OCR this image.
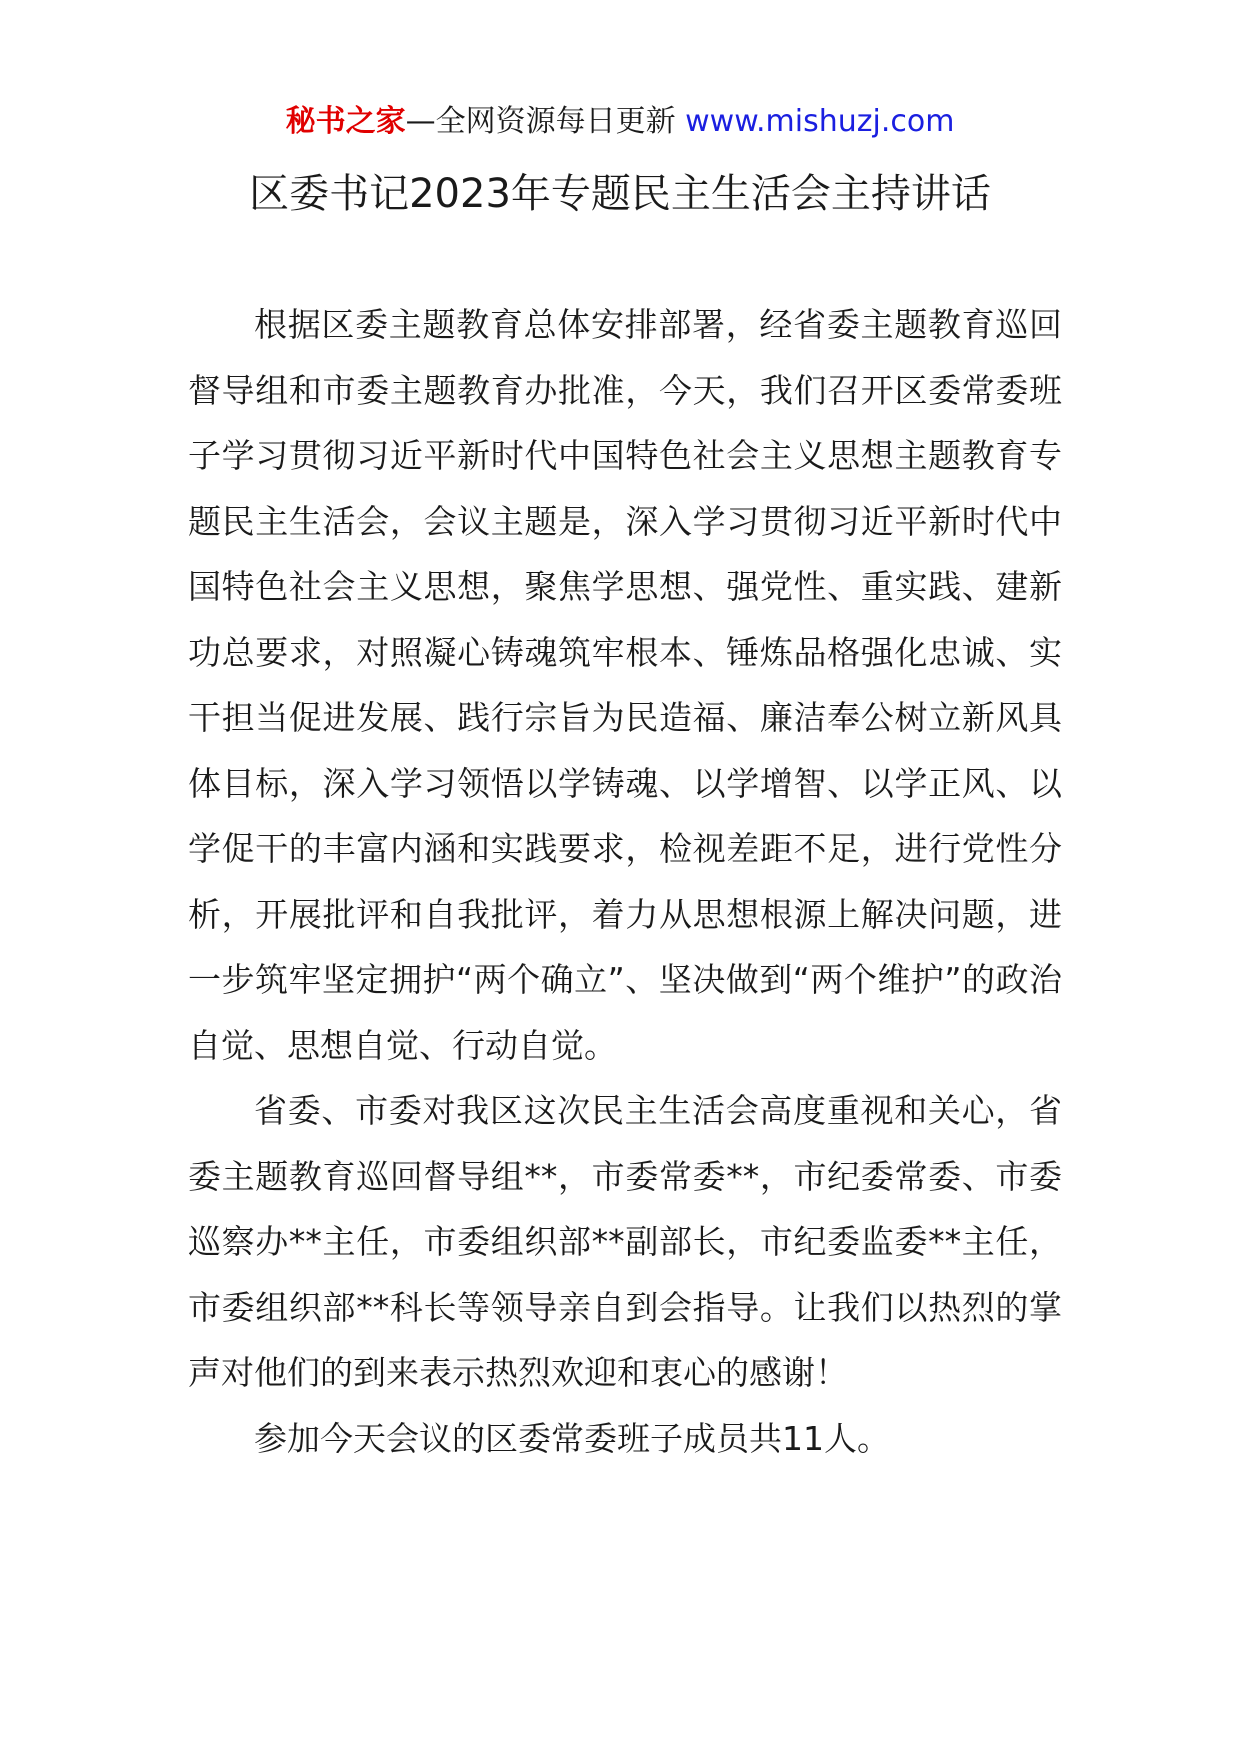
秘书之家—全网资源每日更新 www.mishuzj.com
区委书记2023年专题民主生活会主持讲话

根据区委主题教育总体安排部署，经省委主题教育巡回督导组和市委主题教育办批准，今天，我们召开区委常委班子学习贯彻习近平新时代中国特色社会主义思想主题教育专题民主生活会，会议主题是，深入学习贯彻习近平新时代中国特色社会主义思想，聚焦学思想、强党性、重实践、建新功总要求，对照凝心铸魂筑牢根本、锤炼品格强化忠诚、实干担当促进发展、践行宗旨为民造福、廉洁奉公树立新风具体目标，深入学习领悟以学铸魂、以学增智、以学正风、以学促干的丰富内涵和实践要求，检视差距不足，进行党性分析，开展批评和自我批评，着力从思想根源上解决问题，进一步筑牢坚定拥护“两个确立”、坚决做到“两个维护”的政治自觉、思想自觉、行动自觉。

省委、市委对我区这次民主生活会高度重视和关心，省委主题教育巡回督导组**，市委常委**，市纪委常委、市委巡察办**主任，市委组织部**副部长，市纪委监委**主任，市委组织部**科长等领导亲自到会指导。让我们以热烈的掌声对他们的到来表示热烈欢迎和衷心的感谢！

参加今天会议的区委常委班子成员共11人。
